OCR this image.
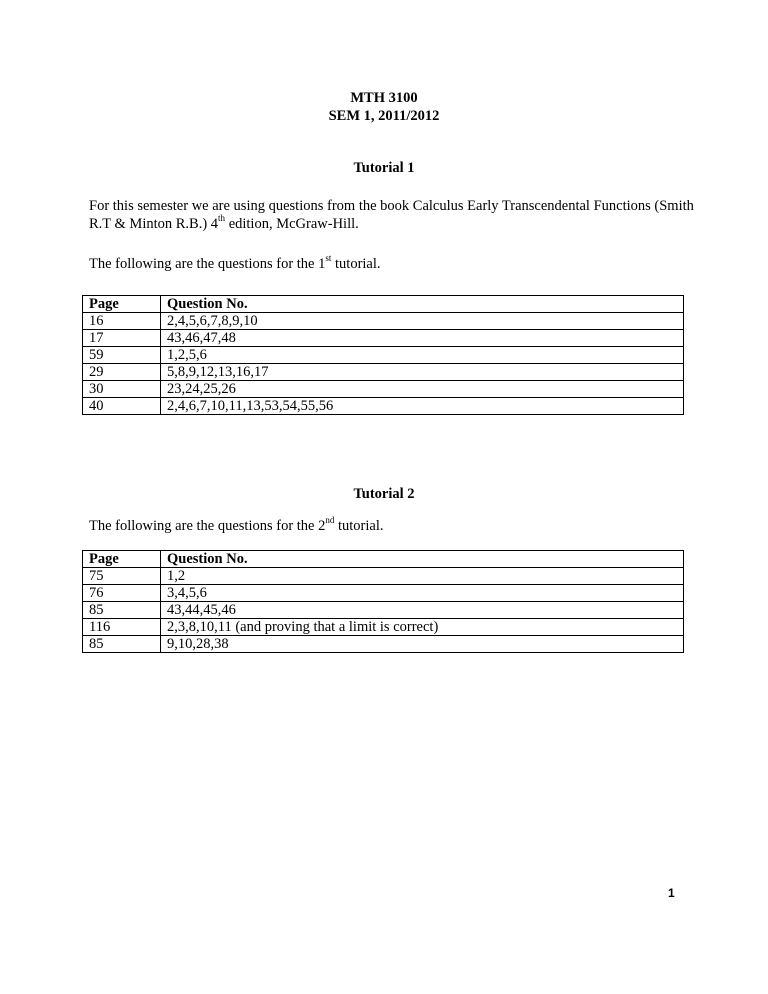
MTH 3100
SEM 1, 2011/2012
Tutorial 1
For this semester we are using questions from the book Calculus Early Transcendental Functions (Smith R.T & Minton R.B.) 4th edition, McGraw-Hill.
The following are the questions for the 1st tutorial.
Page	Question No.
16	2,4,5,6,7,8,9,10
17	43,46,47,48
59	1,2,5,6
29	5,8,9,12,13,16,17
30	23,24,25,26
40	2,4,6,7,10,11,13,53,54,55,56
Tutorial 2
The following are the questions for the 2nd tutorial.
Page	Question No.
75	1,2
76	3,4,5,6
85	43,44,45,46
116	2,3,8,10,11 (and proving that a limit is correct)
85	9,10,28,38
1
